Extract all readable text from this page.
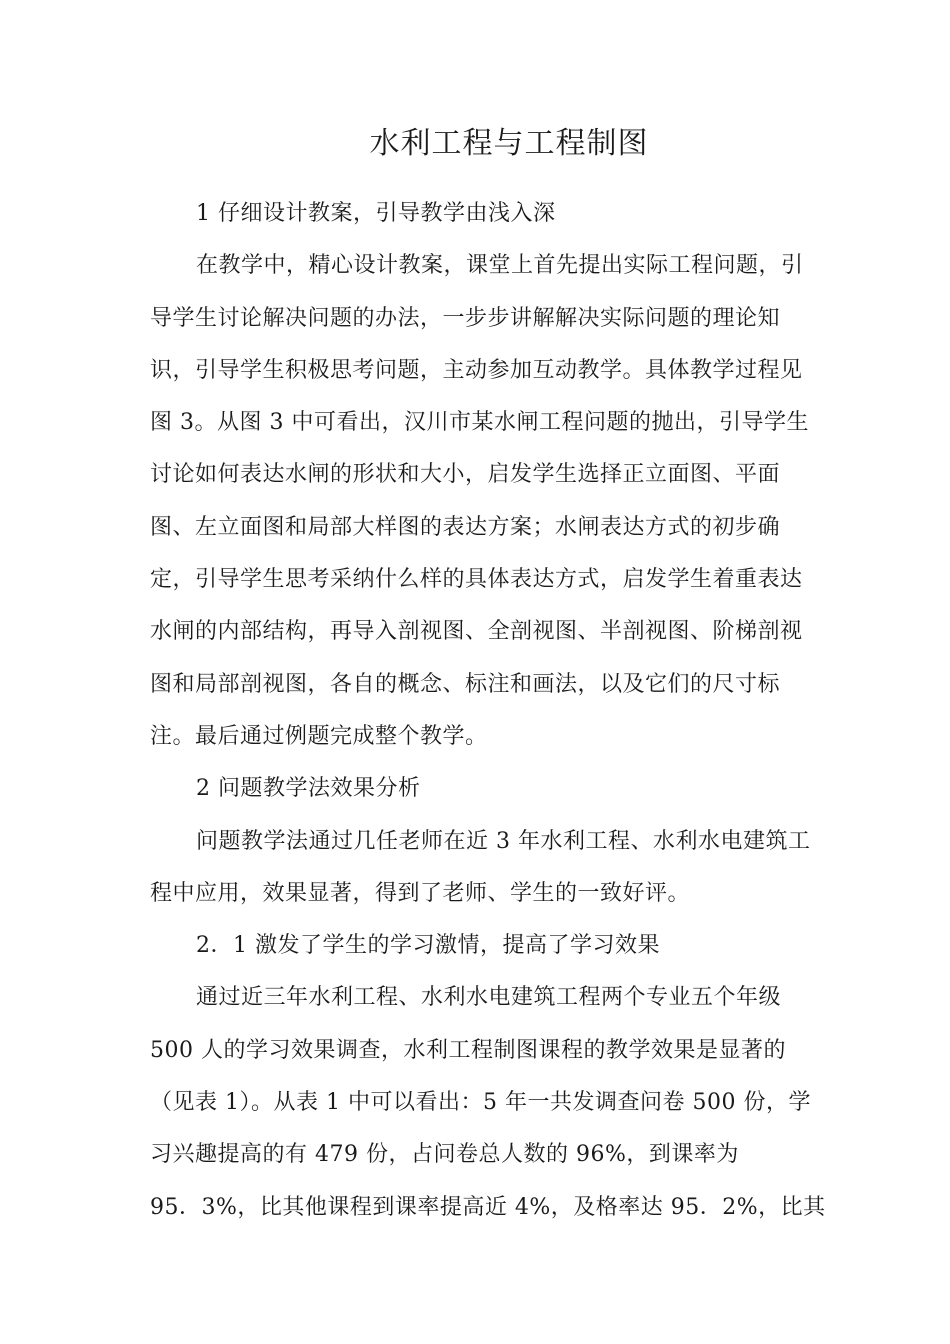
水利工程与工程制图
1 仔细设计教案，引导教学由浅入深
在教学中，精心设计教案，课堂上首先提出实际工程问题，引
导学生讨论解决问题的办法，一步步讲解解决实际问题的理论知
识，引导学生积极思考问题，主动参加互动教学。具体教学过程见
图 3。从图 3 中可看出，汉川市某水闸工程问题的抛出，引导学生
讨论如何表达水闸的形状和大小，启发学生选择正立面图、平面
图、左立面图和局部大样图的表达方案；水闸表达方式的初步确
定，引导学生思考采纳什么样的具体表达方式，启发学生着重表达
水闸的内部结构，再导入剖视图、全剖视图、半剖视图、阶梯剖视
图和局部剖视图，各自的概念、标注和画法，以及它们的尺寸标
注。最后通过例题完成整个教学。
2 问题教学法效果分析
问题教学法通过几任老师在近 3 年水利工程、水利水电建筑工
程中应用，效果显著，得到了老师、学生的一致好评。
2．1 激发了学生的学习激情，提高了学习效果
通过近三年水利工程、水利水电建筑工程两个专业五个年级
500 人的学习效果调查，水利工程制图课程的教学效果是显著的
（见表 1）。从表 1 中可以看出：5 年一共发调查问卷 500 份，学
习兴趣提高的有 479 份，占问卷总人数的 96%，到课率为
95．3%，比其他课程到课率提高近 4%，及格率达 95．2%，比其
